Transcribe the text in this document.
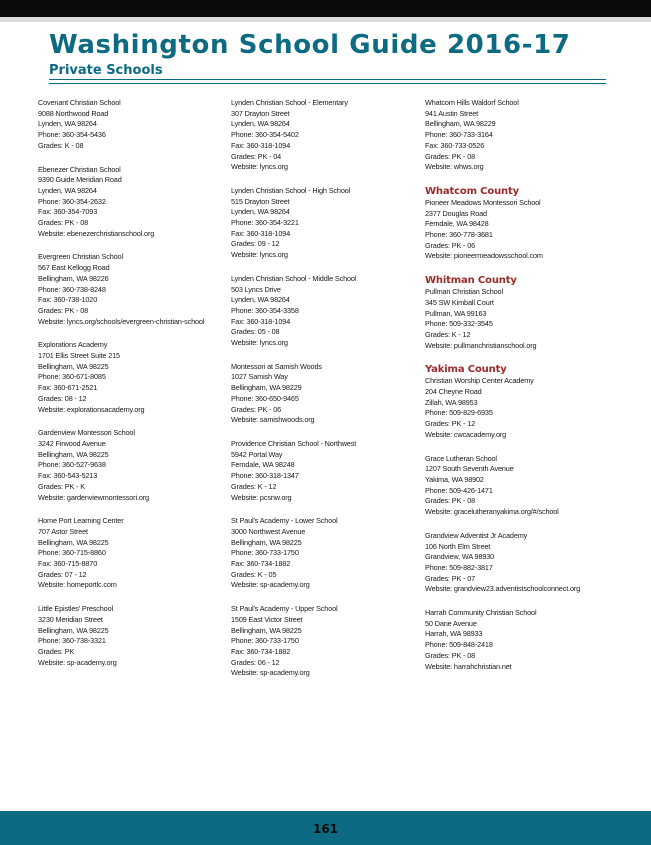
Washington School Guide 2016-17
Private Schools
Covenant Christian School
9088 Northwood Road
Lynden, WA 98264
Phone: 360-354-5436
Grades: K - 08
Ebenezer Christian School
9390 Guide Meridian Road
Lynden, WA 98264
Phone: 360-354-2632
Fax: 360-354-7093
Grades: PK - 08
Website: ebenezerchristianschool.org
Evergreen Christian School
567 East Kellogg Road
Bellingham, WA 98226
Phone: 360-738-8248
Fax: 360-738-1020
Grades: PK - 08
Website: lyncs.org/schools/evergreen-christian-school
Explorations Academy
1701 Ellis Street Suite 215
Bellingham, WA 98225
Phone: 360-671-8085
Fax: 360-671-2521
Grades: 08 - 12
Website: explorationsacademy.org
Gardenview Montessori School
3242 Firwood Avenue
Bellingham, WA 98225
Phone: 360-527-9638
Fax: 360-543-5213
Grades: PK - K
Website: gardenviewmontessori.org
Home Port Learning Center
707 Astor Street
Bellingham, WA 98225
Phone: 360-715-8860
Fax: 360-715-8870
Grades: 07 - 12
Website: homeportlc.com
Little Epistles' Preschool
3230 Meridian Street
Bellingham, WA 98225
Phone: 360-738-3321
Grades: PK
Website: sp-academy.org
Lynden Christian School - Elementary
307 Drayton Street
Lynden, WA 98264
Phone: 360-354-5402
Fax: 360-318-1094
Grades: PK - 04
Website: lyncs.org
Lynden Christian School - High School
515 Drayton Street
Lynden, WA 98264
Phone: 360-354-3221
Fax: 360-318-1094
Grades: 09 - 12
Website: lyncs.org
Lynden Christian School - Middle School
503 Lyncs Drive
Lynden, WA 98264
Phone: 360-354-3358
Fax: 360-318-1094
Grades: 05 - 08
Website: lyncs.org
Montessori at Samish Woods
1027 Samish Way
Bellingham, WA 98229
Phone: 360-650-9465
Grades: PK - 06
Website: samishwoods.org
Providence Christian School - Northwest
5942 Portal Way
Ferndale, WA 98248
Phone: 360-318-1347
Grades: K - 12
Website: pcsnw.org
St Paul's Academy - Lower School
3000 Northwest Avenue
Bellingham, WA 98225
Phone: 360-733-1750
Fax: 360-734-1882
Grades: K - 05
Website: sp-academy.org
St Paul's Academy - Upper School
1509 East Victor Street
Bellingham, WA 98225
Phone: 360-733-1750
Fax: 360-734-1882
Grades: 06 - 12
Website: sp-academy.org
Whatcom Hills Waldorf School
941 Austin Street
Bellingham, WA 98229
Phone: 360-733-3164
Fax: 360-733-0526
Grades: PK - 08
Website: whws.org
Whatcom County
Pioneer Meadows Montessori School
2377 Douglas Road
Ferndale, WA 98428
Phone: 360-778-3681
Grades: PK - 06
Website: pioneermeadowsschool.com
Whitman County
Pullman Christian School
345 SW Kimball Court
Pullman, WA 99163
Phone: 509-332-3545
Grades: K - 12
Website: pullmanchristianschool.org
Yakima County
Christian Worship Center Academy
204 Cheyne Road
Zillah, WA 98953
Phone: 509-829-6935
Grades: PK - 12
Website: cwcacademy.org
Grace Lutheran School
1207 South Seventh Avenue
Yakima, WA 98902
Phone: 509-426-1471
Grades: PK - 08
Website: gracelutheranyakima.org/#/school
Grandview Adventist Jr Academy
106 North Elm Street
Grandview, WA 98930
Phone: 509-882-3817
Grades: PK - 07
Website: grandview23.adventistschoolconnect.org
Harrah Community Christian School
50 Dane Avenue
Harrah, WA 98933
Phone: 509-848-2418
Grades: PK - 08
Website: harrahchristian.net
161
